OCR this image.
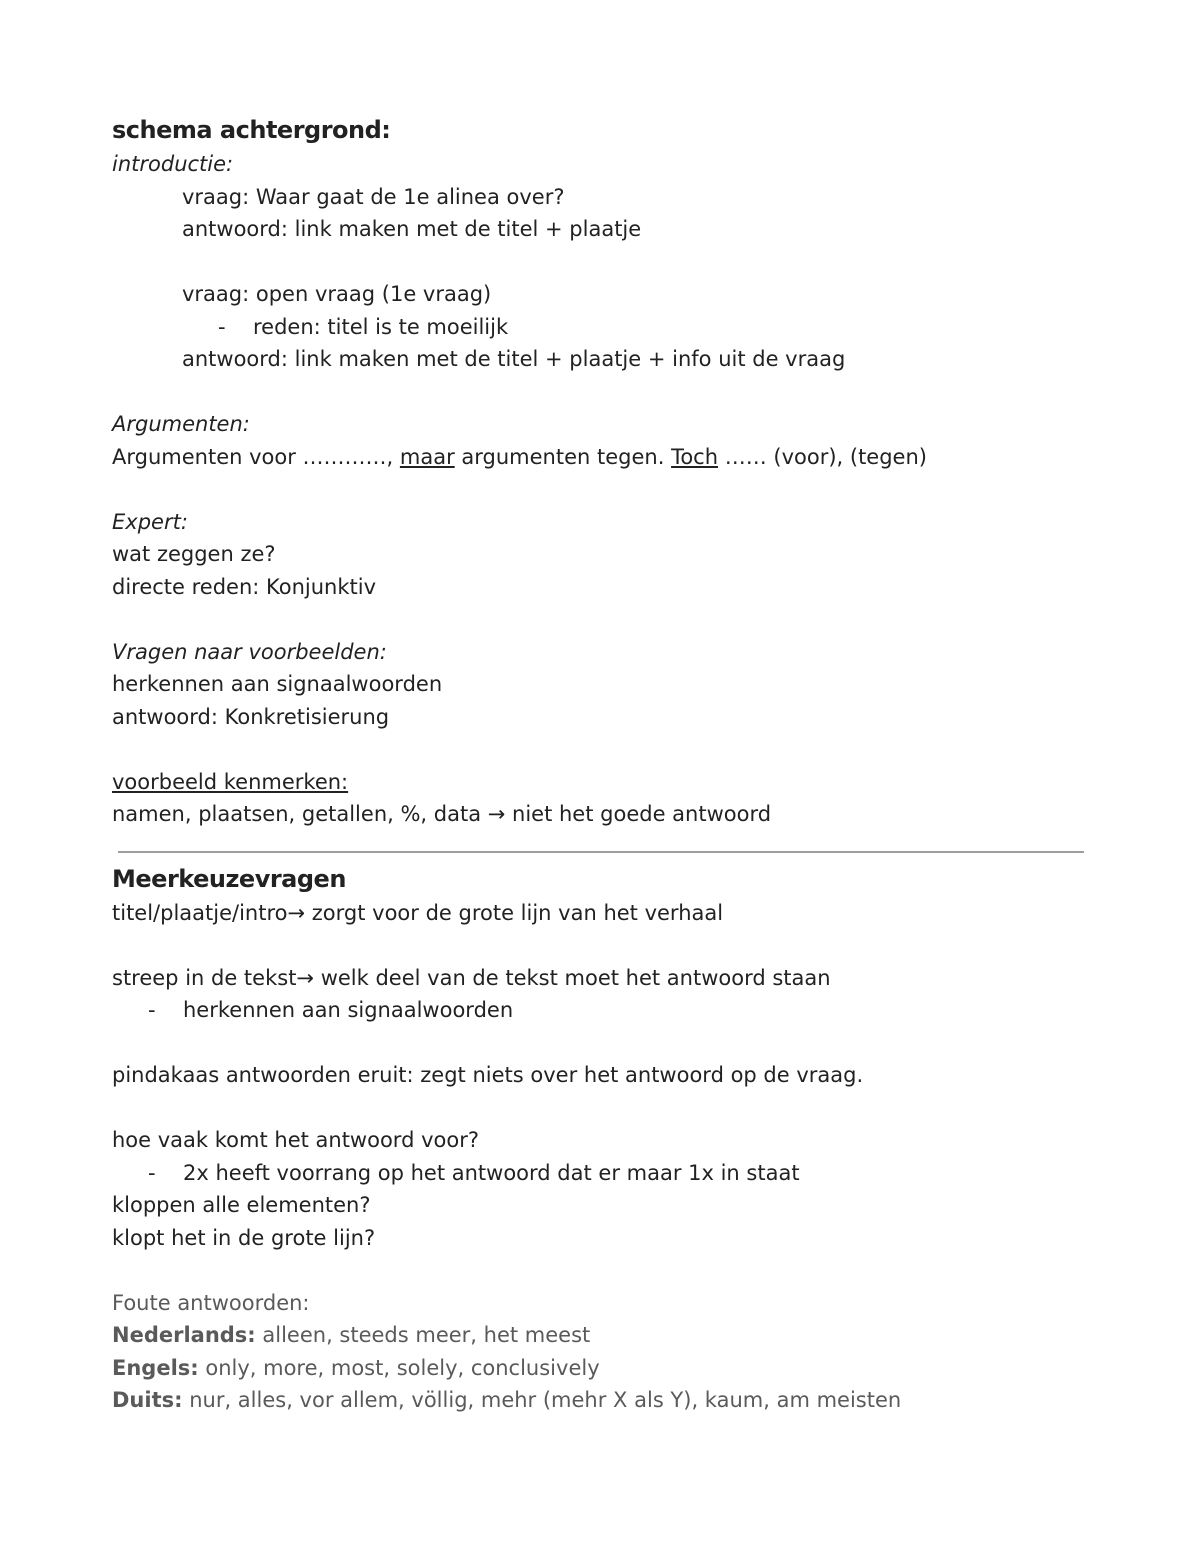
schema achtergrond:
introductie:
vraag: Waar gaat de 1e alinea over?
antwoord: link maken met de titel + plaatje
vraag: open vraag (1e vraag)
- reden: titel is te moeilijk
antwoord: link maken met de titel + plaatje + info uit de vraag
Argumenten:
Argumenten voor …………, maar argumenten tegen. Toch …… (voor), (tegen)
Expert:
wat zeggen ze?
directe reden: Konjunktiv
Vragen naar voorbeelden:
herkennen aan signaalwoorden
antwoord: Konkretisierung
voorbeeld kenmerken:
namen, plaatsen, getallen, %, data → niet het goede antwoord
Meerkeuzevragen
titel/plaatje/intro→ zorgt voor de grote lijn van het verhaal
streep in de tekst→ welk deel van de tekst moet het antwoord staan
- herkennen aan signaalwoorden
pindakaas antwoorden eruit: zegt niets over het antwoord op de vraag.
hoe vaak komt het antwoord voor?
- 2x heeft voorrang op het antwoord dat er maar 1x in staat
kloppen alle elementen?
klopt het in de grote lijn?
Foute antwoorden:
Nederlands: alleen, steeds meer, het meest
Engels: only, more, most, solely, conclusively
Duits: nur, alles, vor allem, völlig, mehr (mehr X als Y), kaum, am meisten
